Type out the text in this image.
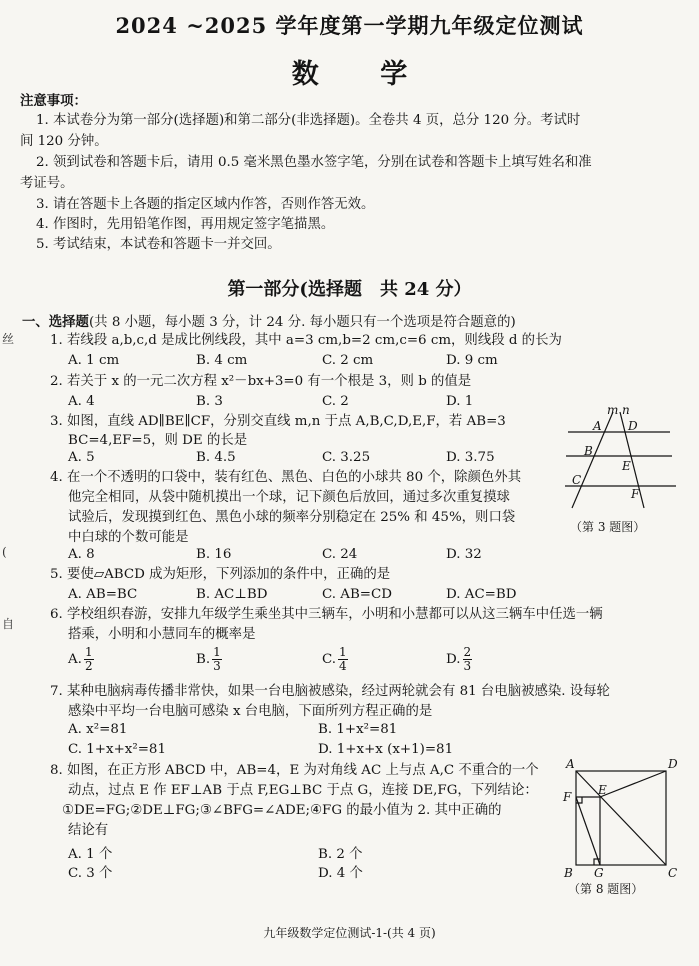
2024 ~2025 学年度第一学期九年级定位测试
数 学
注意事项：
1. 本试卷分为第一部分(选择题)和第二部分(非选择题)。全卷共 4 页，总分 120 分。考试时
间 120 分钟。
2. 领到试卷和答题卡后，请用 0.5 毫米黑色墨水签字笔，分别在试卷和答题卡上填写姓名和准
考证号。
3. 请在答题卡上各题的指定区域内作答，否则作答无效。
4. 作图时，先用铅笔作图，再用规定签字笔描黑。
5. 考试结束，本试卷和答题卡一并交回。
第一部分(选择题　共 24 分）
一、选择题(共 8 小题，每小题 3 分，计 24 分. 每小题只有一个选项是符合题意的)
1. 若线段 a,b,c,d 是成比例线段，其中 a=3 cm,b=2 cm,c=6 cm，则线段 d 的长为
A. 1 cm	B. 4 cm	C. 2 cm	D. 9 cm
2. 若关于 x 的一元二次方程 x²－bx+3=0 有一个根是 3，则 b 的值是
A. 4	B. 3	C. 2	D. 1
3. 如图，直线 AD∥BE∥CF，分别交直线 m,n 于点 A,B,C,D,E,F，若 AB=3
BC=4,EF=5，则 DE 的长是
A. 5	B. 4.5	C. 3.25	D. 3.75
m n
A D
B
E
C
F
（第 3 题图）
4. 在一个不透明的口袋中，装有红色、黑色、白色的小球共 80 个，除颜色外其
他完全相同，从袋中随机摸出一个球，记下颜色后放回，通过多次重复摸球
试验后，发现摸到红色、黑色小球的频率分别稳定在 25% 和 45%，则口袋
中白球的个数可能是
A. 8	B. 16	C. 24	D. 32
5. 要使▱ABCD 成为矩形，下列添加的条件中，正确的是
A. AB=BC	B. AC⊥BD	C. AB=CD	D. AC=BD
6. 学校组织春游，安排九年级学生乘坐其中三辆车，小明和小慧都可以从这三辆车中任选一辆
搭乘，小明和小慧同车的概率是
A. $\frac{1}{2}$	B. $\frac{1}{3}$	C. $\frac{1}{4}$	D. $\frac{2}{3}$
7. 某种电脑病毒传播非常快，如果一台电脑被感染，经过两轮就会有 81 台电脑被感染. 设每轮
感染中平均一台电脑可感染 x 台电脑，下面所列方程正确的是
A. x²=81	B. 1+x²=81
C. 1+x+x²=81	D. 1+x+x (x+1)=81
8. 如图，在正方形 ABCD 中，AB=4，E 为对角线 AC 上与点 A,C 不重合的一个
动点，过点 E 作 EF⊥AB 于点 F,EG⊥BC 于点 G，连接 DE,FG，下列结论：
①DE=FG;②DE⊥FG;③∠BFG=∠ADE;④FG 的最小值为 2. 其中正确的
结论有
A. 1 个	B. 2 个
C. 3 个	D. 4 个
A	D
B	C
F E
G
（第 8 题图）
丝
(
自
九年级数学定位测试-1-(共 4 页)
